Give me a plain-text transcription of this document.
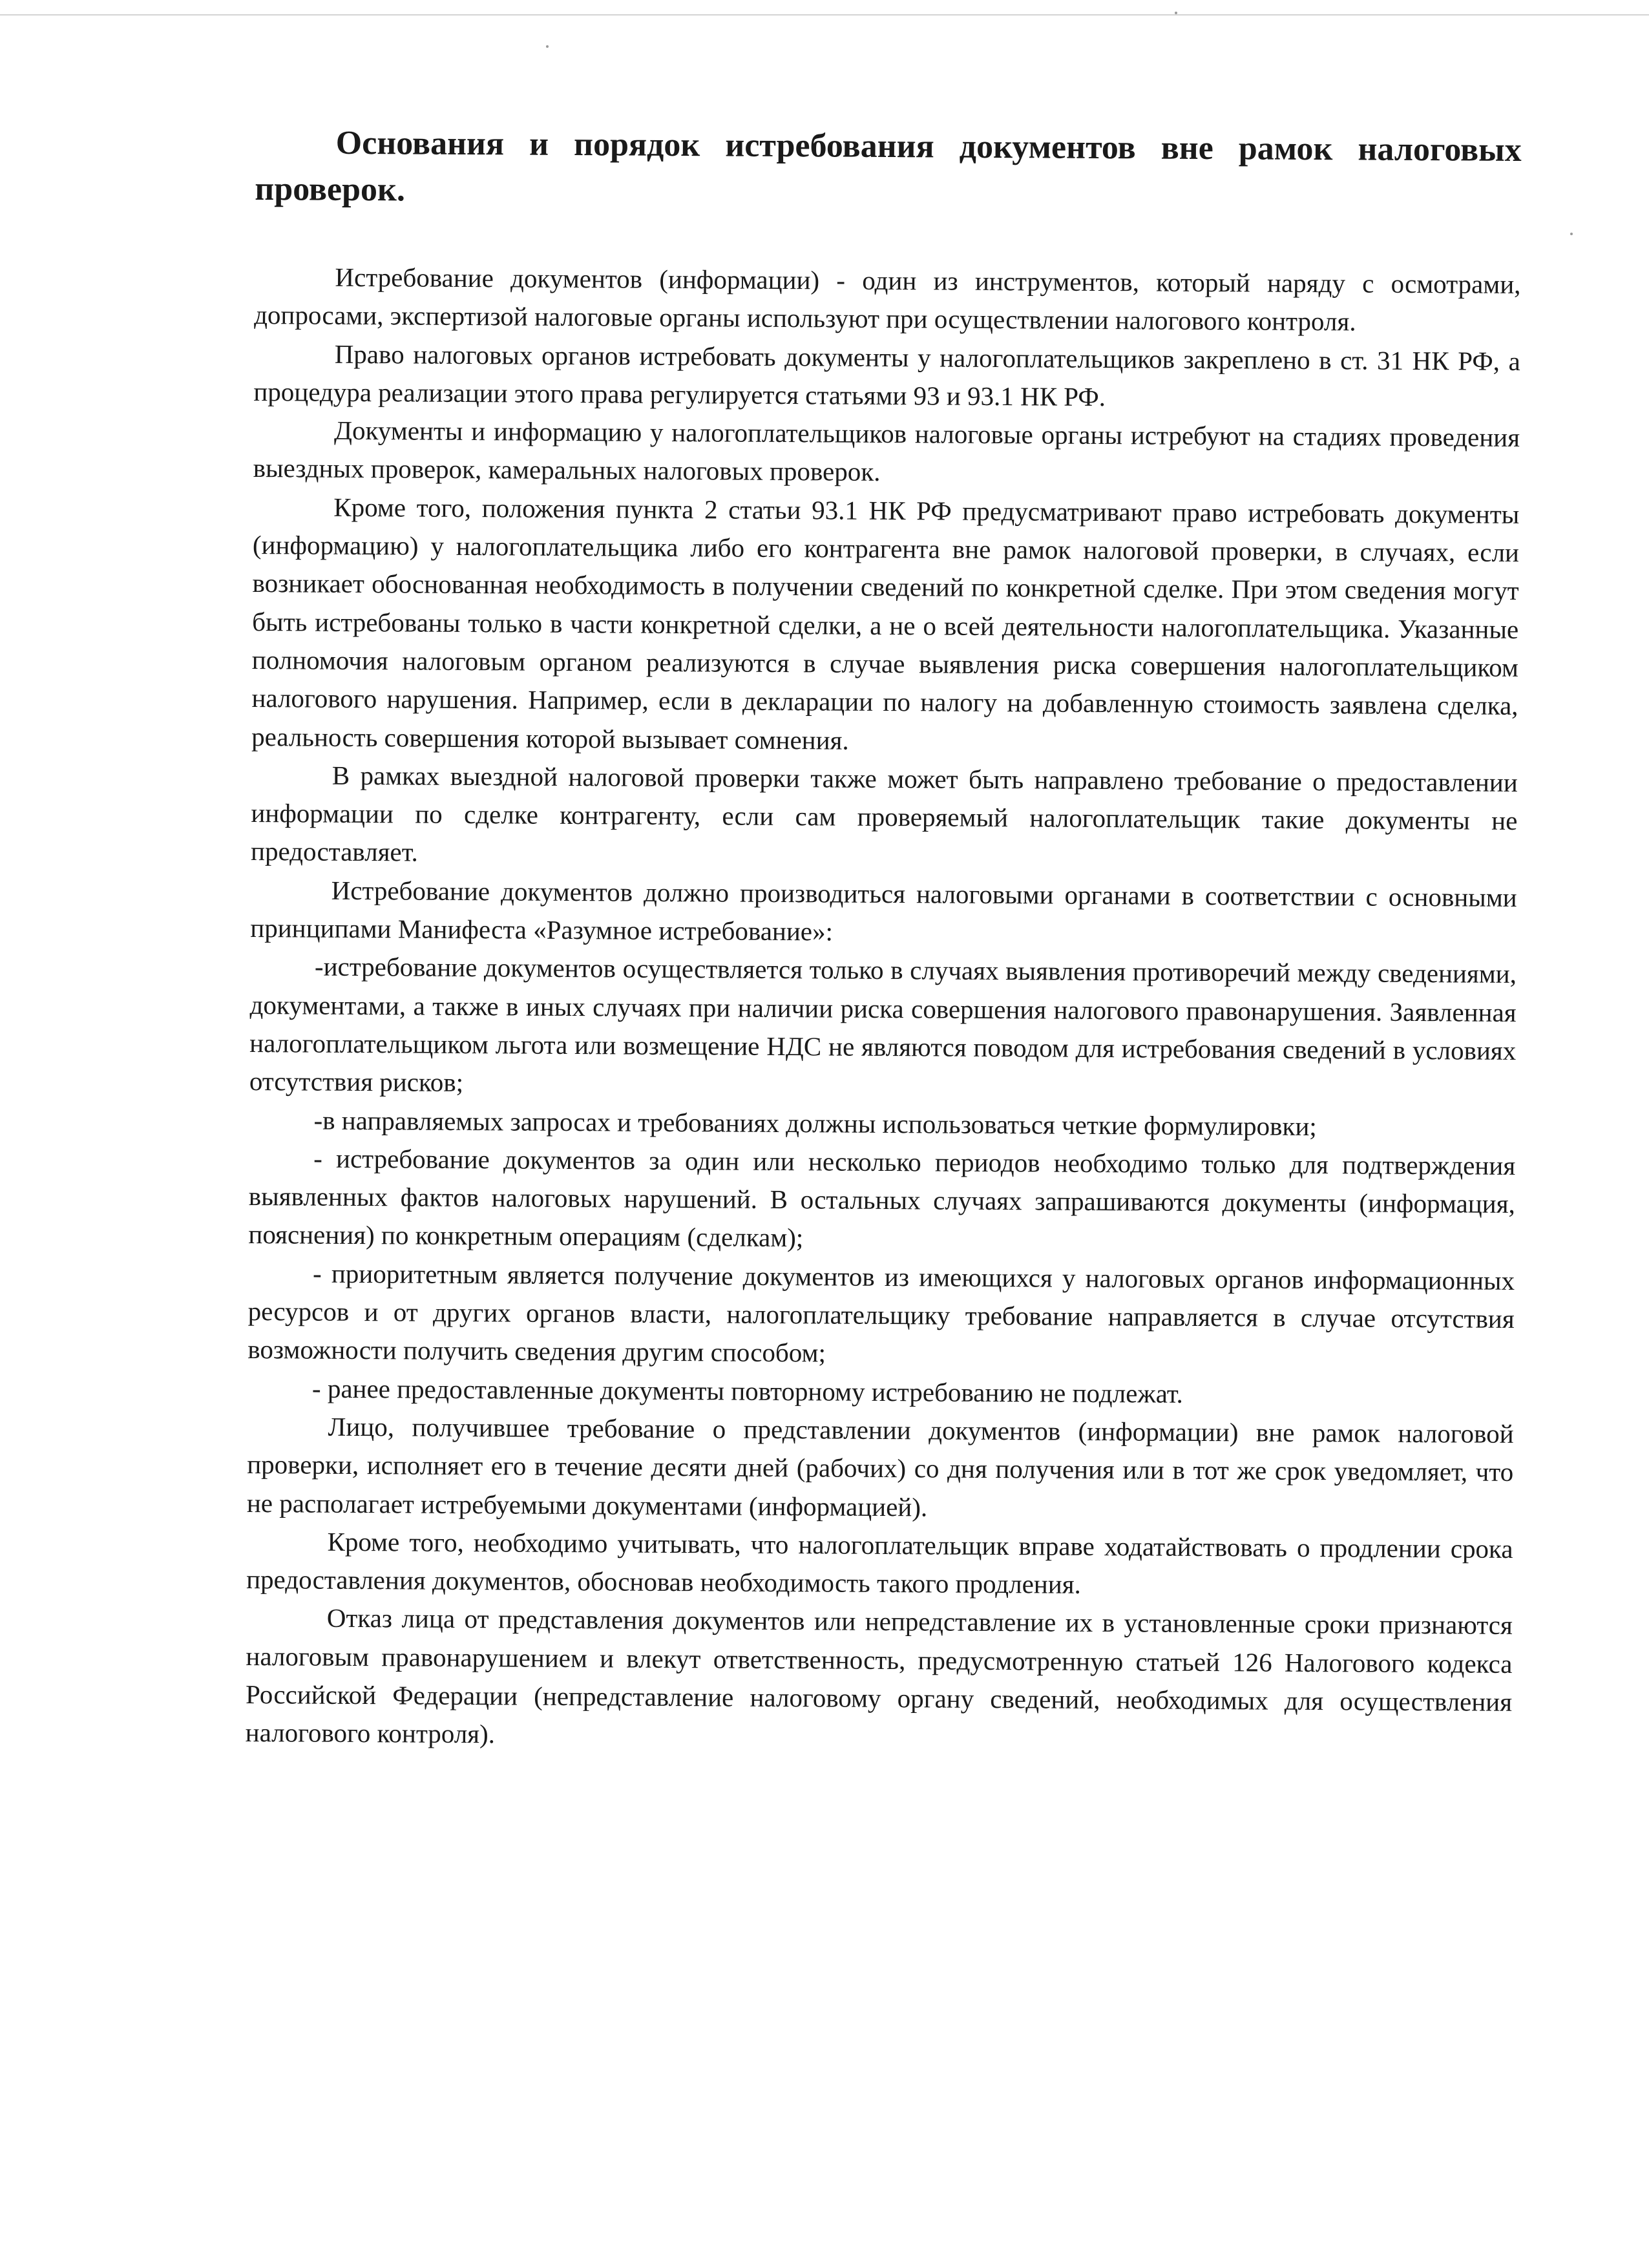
Основания и порядок истребования документов вне рамок налоговых проверок.

Истребование документов (информации) - один из инструментов, который наряду с осмотрами, допросами, экспертизой налоговые органы используют при осуществлении налогового контроля.

Право налоговых органов истребовать документы у налогоплательщиков закреплено в ст. 31 НК РФ, а процедура реализации этого права регулируется статьями 93 и 93.1 НК РФ.

Документы и информацию у налогоплательщиков налоговые органы истребуют на стадиях проведения выездных проверок, камеральных налоговых проверок.

Кроме того, положения пункта 2 статьи 93.1 НК РФ предусматривают право истребовать документы (информацию) у налогоплательщика либо его контрагента вне рамок налоговой проверки, в случаях, если возникает обоснованная необходимость в получении сведений по конкретной сделке. При этом сведения могут быть истребованы только в части конкретной сделки, а не о всей деятельности налогоплательщика. Указанные полномочия налоговым органом реализуются в случае выявления риска совершения налогоплательщиком налогового нарушения. Например, если в декларации по налогу на добавленную стоимость заявлена сделка, реальность совершения которой вызывает сомнения.

В рамках выездной налоговой проверки также может быть направлено требование о предоставлении информации по сделке контрагенту, если сам проверяемый налогоплательщик такие документы не предоставляет.

Истребование документов должно производиться налоговыми органами в соответствии с основными принципами Манифеста «Разумное истребование»:

-истребование документов осуществляется только в случаях выявления противоречий между сведениями, документами, а также в иных случаях при наличии риска совершения налогового правонарушения. Заявленная налогоплательщиком льгота или возмещение НДС не являются поводом для истребования сведений в условиях отсутствия рисков;

-в направляемых запросах и требованиях должны использоваться четкие формулировки;

- истребование документов за один или несколько периодов необходимо только для подтверждения выявленных фактов налоговых нарушений. В остальных случаях запрашиваются документы (информация, пояснения) по конкретным операциям (сделкам);

- приоритетным является получение документов из имеющихся у налоговых органов информационных ресурсов и от других органов власти, налогоплательщику требование направляется в случае отсутствия возможности получить сведения другим способом;

- ранее предоставленные документы повторному истребованию не подлежат.

Лицо, получившее требование о представлении документов (информации) вне рамок налоговой проверки, исполняет его в течение десяти дней (рабочих) со дня получения или в тот же срок уведомляет, что не располагает истребуемыми документами (информацией).

Кроме того, необходимо учитывать, что налогоплательщик вправе ходатайствовать о продлении срока предоставления документов, обосновав необходимость такого продления.

Отказ лица от представления документов или непредставление их в установленные сроки признаются налоговым правонарушением и влекут ответственность, предусмотренную статьей 126 Налогового кодекса Российской Федерации (непредставление налоговому органу сведений, необходимых для осуществления налогового контроля).
